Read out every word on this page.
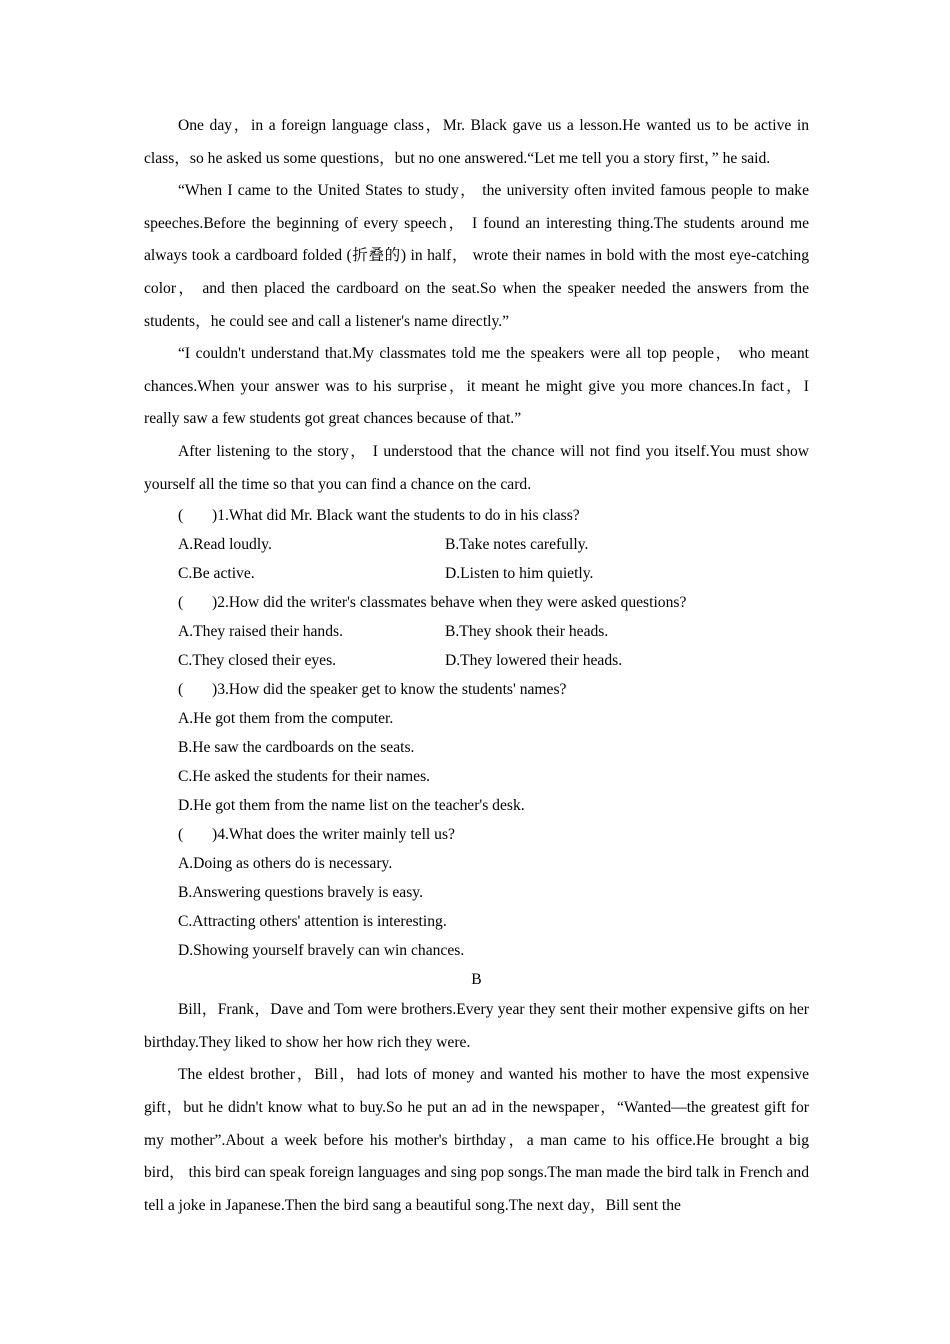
One day，in a foreign language class，Mr. Black gave us a lesson.He wanted us to be active in class，so he asked us some questions，but no one answered.“Let me tell you a story first，” he said.

“When I came to the United States to study， the university often invited famous people to make speeches.Before the beginning of every speech， I found an interesting thing.The students around me always took a cardboard folded (折叠的) in half， wrote their names in bold with the most eye-catching color， and then placed the cardboard on the seat.So when the speaker needed the answers from the students，he could see and call a listener's name directly.”

“I couldn't understand that.My classmates told me the speakers were all top people， who meant chances.When your answer was to his surprise，it meant he might give you more chances.In fact，I really saw a few students got great chances because of that.”

After listening to the story， I understood that the chance will not find you itself.You must show yourself all the time so that you can find a chance on the card.

( )1.What did Mr. Black want the students to do in his class?

A.Read loudly.	B.Take notes carefully.
C.Be active.	D.Listen to him quietly.

( )2.How did the writer's classmates behave when they were asked questions?

A.They raised their hands.	B.They shook their heads.
C.They closed their eyes.	D.They lowered their heads.

( )3.How did the speaker get to know the students' names?

A.He got them from the computer.

B.He saw the cardboards on the seats.

C.He asked the students for their names.

D.He got them from the name list on the teacher's desk.

( )4.What does the writer mainly tell us?

A.Doing as others do is necessary.

B.Answering questions bravely is easy.

C.Attracting others' attention is interesting.

D.Showing yourself bravely can win chances.

B

Bill，Frank，Dave and Tom were brothers.Every year they sent their mother expensive gifts on her birthday.They liked to show her how rich they were.

The eldest brother，Bill，had lots of money and wanted his mother to have the most expensive gift，but he didn't know what to buy.So he put an ad in the newspaper，“Wanted—the greatest gift for my mother”.About a week before his mother's birthday，a man came to his office.He brought a big bird， this bird can speak foreign languages and sing pop songs.The man made the bird talk in French and tell a joke in Japanese.Then the bird sang a beautiful song.The next day，Bill sent the
